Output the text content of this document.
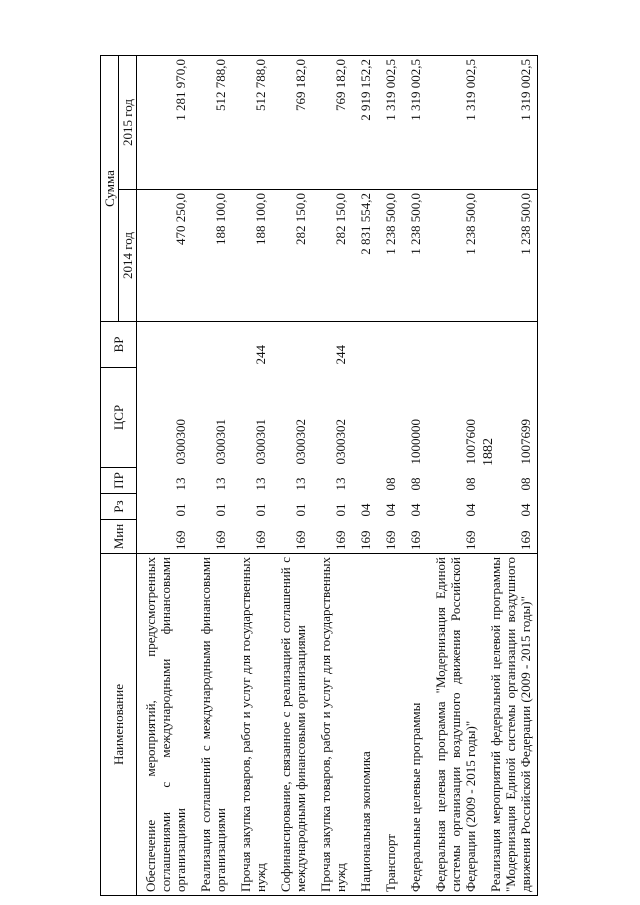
1882
Наименование	Мин	Рз	ПР	ЦСР	ВР	Сумма	
						2014 год	2015 год
Обеспечение мероприятий, предусмотренных соглашениями с международными финансовыми организациями	169	01	13	0300300		470 250,0	1 281 970,0
Реализация соглашений с международными финансовыми организациями	169	01	13	0300301		188 100,0	512 788,0
Прочая закупка товаров, работ и услуг для государственных нужд	169	01	13	0300301	244	188 100,0	512 788,0
Софинансирование, связанное с реализацией соглашений с международными финансовыми организациями	169	01	13	0300302		282 150,0	769 182,0
Прочая закупка товаров, работ и услуг для государственных нужд	169	01	13	0300302	244	282 150,0	769 182,0
Национальная экономика	169	04				2 831 554,2	2 919 152,2
Транспорт	169	04	08			1 238 500,0	1 319 002,5
Федеральные целевые программы	169	04	08	1000000		1 238 500,0	1 319 002,5
Федеральная целевая программа "Модернизация Единой системы организации воздушного движения Российской Федерации (2009 - 2015 годы)"	169	04	08	1007600		1 238 500,0	1 319 002,5
Реализация мероприятий федеральной целевой программы "Модернизация Единой системы организации воздушного движения Российской Федерации (2009 - 2015 годы)"	169	04	08	1007699		1 238 500,0	1 319 002,5
